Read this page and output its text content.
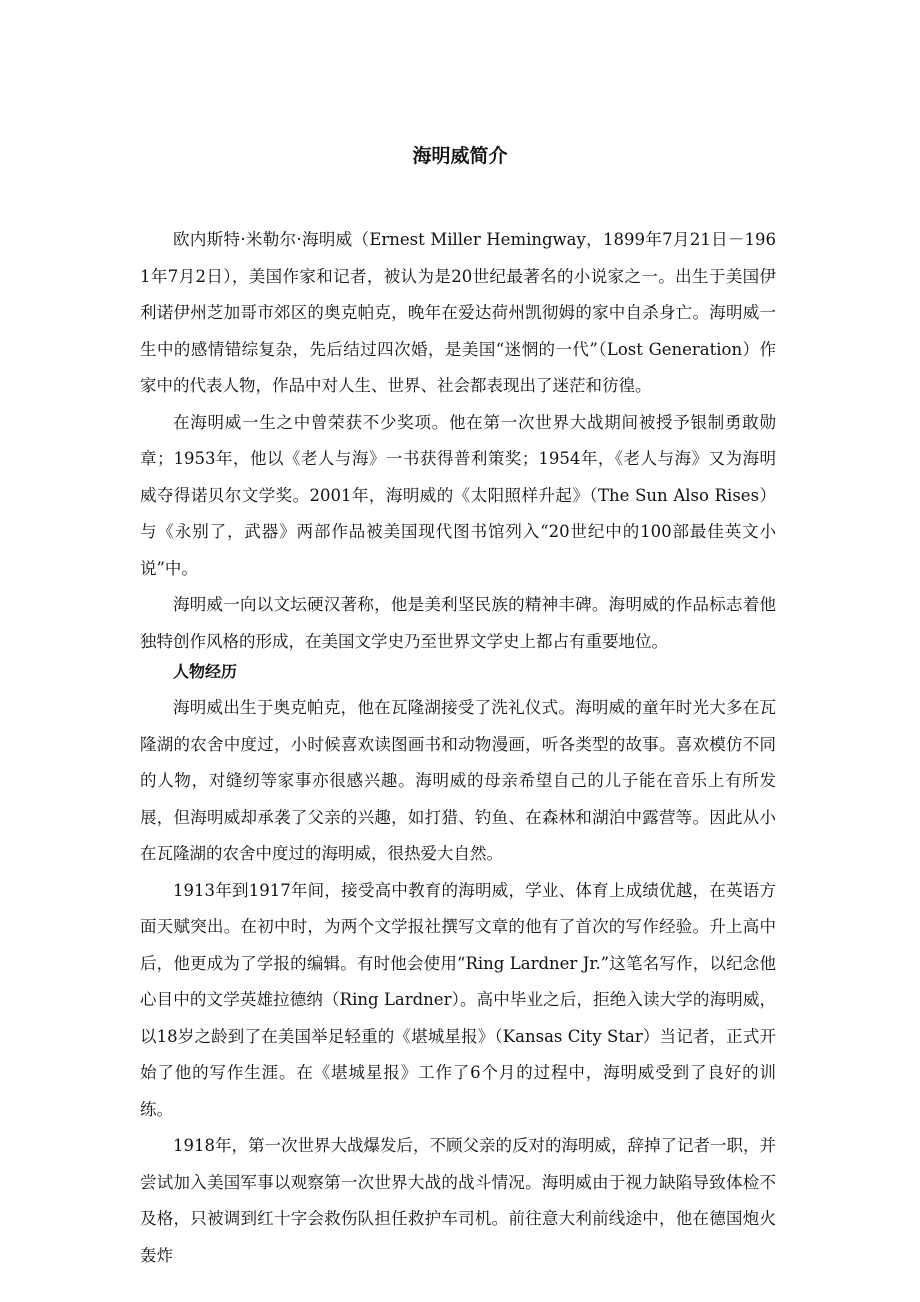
海明威简介

欧内斯特·米勒尔·海明威（Ernest Miller Hemingway，1899年7月21日－1961年7月2日），美国作家和记者，被认为是20世纪最著名的小说家之一。出生于美国伊利诺伊州芝加哥市郊区的奥克帕克，晚年在爱达荷州凯彻姆的家中自杀身亡。海明威一生中的感情错综复杂，先后结过四次婚，是美国“迷惘的一代”（Lost Generation）作家中的代表人物，作品中对人生、世界、社会都表现出了迷茫和彷徨。

在海明威一生之中曾荣获不少奖项。他在第一次世界大战期间被授予银制勇敢勋章；1953年，他以《老人与海》一书获得普利策奖；1954年，《老人与海》又为海明威夺得诺贝尔文学奖。2001年，海明威的《太阳照样升起》（The Sun Also Rises）与《永别了，武器》两部作品被美国现代图书馆列入“20世纪中的100部最佳英文小说”中。

海明威一向以文坛硬汉著称，他是美利坚民族的精神丰碑。海明威的作品标志着他独特创作风格的形成，在美国文学史乃至世界文学史上都占有重要地位。

人物经历

海明威出生于奥克帕克，他在瓦隆湖接受了洗礼仪式。海明威的童年时光大多在瓦隆湖的农舍中度过，小时候喜欢读图画书和动物漫画，听各类型的故事。喜欢模仿不同的人物，对缝纫等家事亦很感兴趣。海明威的母亲希望自己的儿子能在音乐上有所发展，但海明威却承袭了父亲的兴趣，如打猎、钓鱼、在森林和湖泊中露营等。因此从小在瓦隆湖的农舍中度过的海明威，很热爱大自然。

1913年到1917年间，接受高中教育的海明威，学业、体育上成绩优越，在英语方面天赋突出。在初中时，为两个文学报社撰写文章的他有了首次的写作经验。升上高中后，他更成为了学报的编辑。有时他会使用“Ring Lardner Jr.”这笔名写作，以纪念他心目中的文学英雄拉德纳（Ring Lardner）。高中毕业之后，拒绝入读大学的海明威，以18岁之龄到了在美国举足轻重的《堪城星报》（Kansas City Star）当记者，正式开始了他的写作生涯。在《堪城星报》工作了6个月的过程中，海明威受到了良好的训练。

1918年，第一次世界大战爆发后，不顾父亲的反对的海明威，辞掉了记者一职，并尝试加入美国军事以观察第一次世界大战的战斗情况。海明威由于视力缺陷导致体检不及格，只被调到红十字会救伤队担任救护车司机。前往意大利前线途中，他在德国炮火轰炸
